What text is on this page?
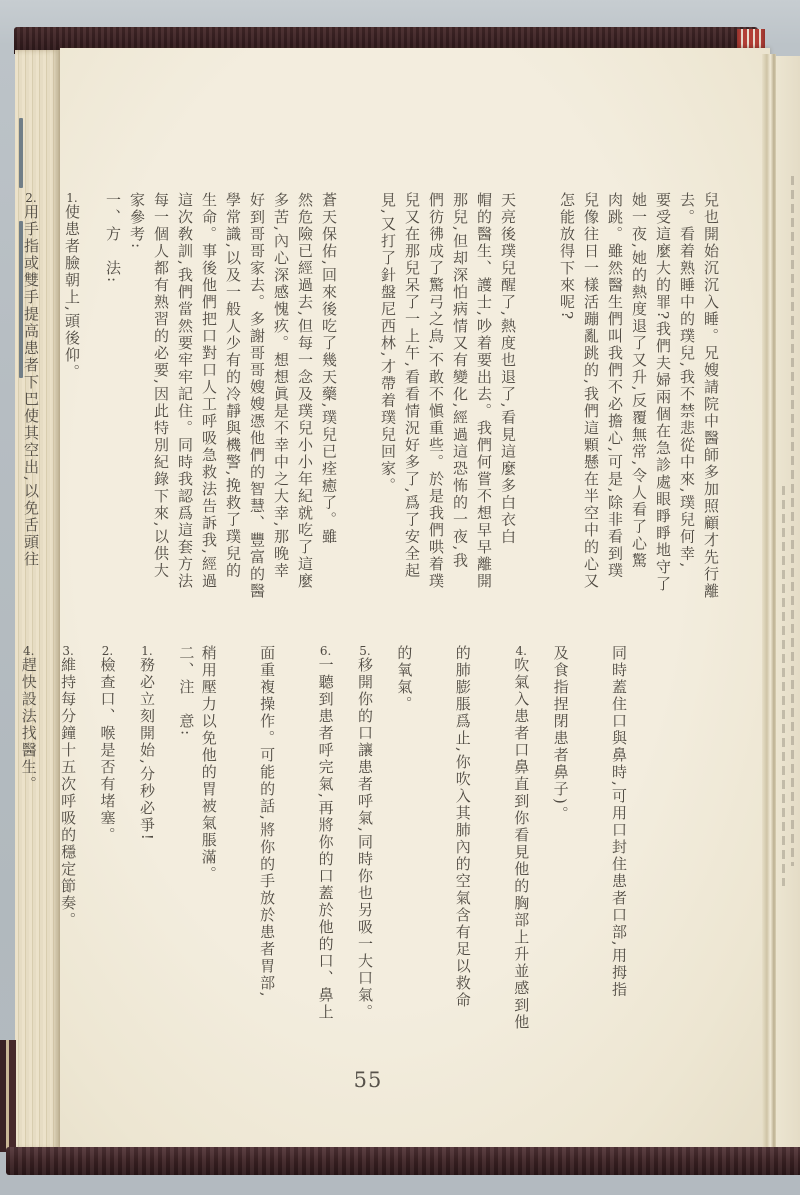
兒也開始沉沉入睡。兄嫂請院中醫師多加照顧才先行離

去。看着熟睡中的璞兒,我不禁悲從中來,璞兒何幸,

要受這麼大的罪?我們夫婦兩個在急診處眼睜睜地守了

她一夜,她的熱度退了又升,反覆無常,令人看了心驚

肉跳。雖然醫生們叫我們不必擔心,可是,除非看到璞

兒像往日一樣活蹦亂跳的,我們這顆懸在半空中的心又

怎能放得下來呢?

天亮後璞兒醒了,熱度也退了,看見這麼多白衣白

帽的醫生、護士,吵着要出去。我們何嘗不想早早離開

那兒,但却深怕病情又有變化,經過這恐怖的一夜,我

們彷彿成了驚弓之鳥,不敢不愼重些。於是我們哄着璞

兒又在那兒呆了一上午,看看情況好多了,爲了安全起

見,又打了針盤尼西林,才帶着璞兒回家。

蒼天保佑,回來後吃了幾天藥,璞兒已痊癒了。雖

然危險已經過去,但每一念及璞兒小小年紀就吃了這麼

多苦,內心深感愧疚。想想眞是不幸中之大幸,那晚幸

好到哥哥家去。多謝哥哥嫂嫂憑他們的智慧、豐富的醫

學常識,以及一般人少有的冷靜與機警,挽救了璞兒的

生命。事後他們把口對口人工呼吸急救法告訴我,經過

這次敎訓,我們當然要牢牢記住。同時我認爲這套方法

每一個人都有熟習的必要,因此特別紀錄下來,以供大

家參考:

一、方　法:

1.使患者臉朝上,頭後仰。

2.用手指或雙手提高患者下巴使其空出,以免舌頭往

同時蓋住口與鼻時,可用口封住患者口部,用拇指

及食指捏閉患者鼻子)。

4.吹氣入患者口鼻直到你看見他的胸部上升並感到他

的肺膨脹爲止,你吹入其肺內的空氣含有足以救命

的氧氣。

5.移開你的口讓患者呼氣,同時你也另吸一大口氣。

6.一聽到患者呼完氣,再將你的口蓋於他的口、鼻上

面重複操作。可能的話,將你的手放於患者胃部,

稍用壓力以免他的胃被氣脹滿。

二、注　意:

1.務必立刻開始,分秒必爭!

2.檢查口、喉是否有堵塞。

3.維持每分鐘十五次呼吸的穩定節奏。

4.趕快設法找醫生。

55
